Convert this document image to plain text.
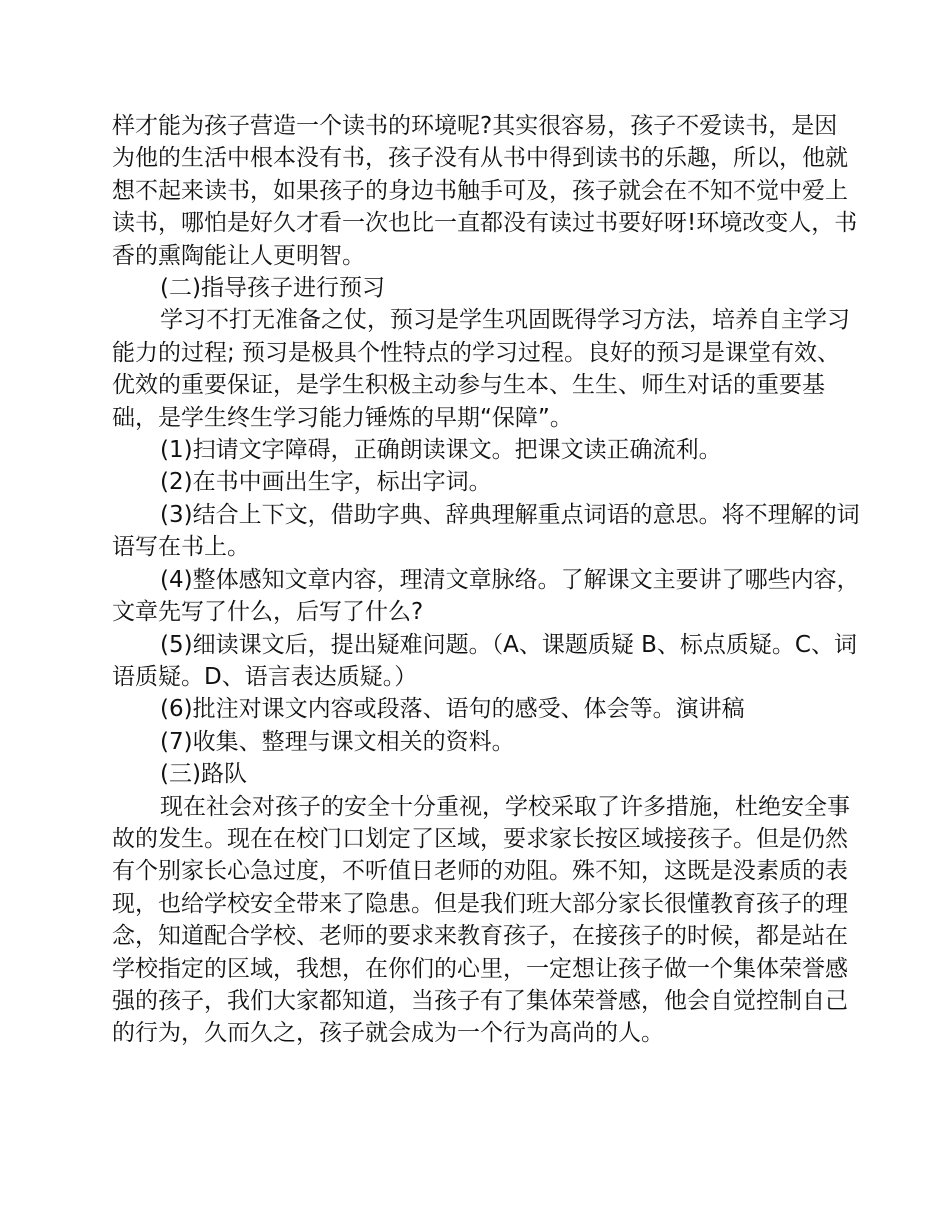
样才能为孩子营造一个读书的环境呢?其实很容易，孩子不爱读书，是因为他的生活中根本没有书，孩子没有从书中得到读书的乐趣，所以，他就想不起来读书，如果孩子的身边书触手可及，孩子就会在不知不觉中爱上读书，哪怕是好久才看一次也比一直都没有读过书要好呀!环境改变人，书香的熏陶能让人更明智。

(二)指导孩子进行预习

学习不打无准备之仗，预习是学生巩固既得学习方法，培养自主学习能力的过程; 预习是极具个性特点的学习过程。良好的预习是课堂有效、优效的重要保证，是学生积极主动参与生本、生生、师生对话的重要基础，是学生终生学习能力锤炼的早期“保障”。

(1)扫请文字障碍，正确朗读课文。把课文读正确流利。

(2)在书中画出生字，标出字词。

(3)结合上下文，借助字典、辞典理解重点词语的意思。将不理解的词语写在书上。

(4)整体感知文章内容，理清文章脉络。了解课文主要讲了哪些内容，文章先写了什么，后写了什么?

(5)细读课文后，提出疑难问题。（A、课题质疑 B、标点质疑。C、词语质疑。D、语言表达质疑。）

(6)批注对课文内容或段落、语句的感受、体会等。演讲稿

(7)收集、整理与课文相关的资料。

(三)路队

现在社会对孩子的安全十分重视，学校采取了许多措施，杜绝安全事故的发生。现在在校门口划定了区域，要求家长按区域接孩子。但是仍然有个别家长心急过度，不听值日老师的劝阻。殊不知，这既是没素质的表现，也给学校安全带来了隐患。但是我们班大部分家长很懂教育孩子的理念，知道配合学校、老师的要求来教育孩子，在接孩子的时候，都是站在学校指定的区域，我想，在你们的心里，一定想让孩子做一个集体荣誉感强的孩子，我们大家都知道，当孩子有了集体荣誉感，他会自觉控制自己的行为，久而久之，孩子就会成为一个行为高尚的人。
